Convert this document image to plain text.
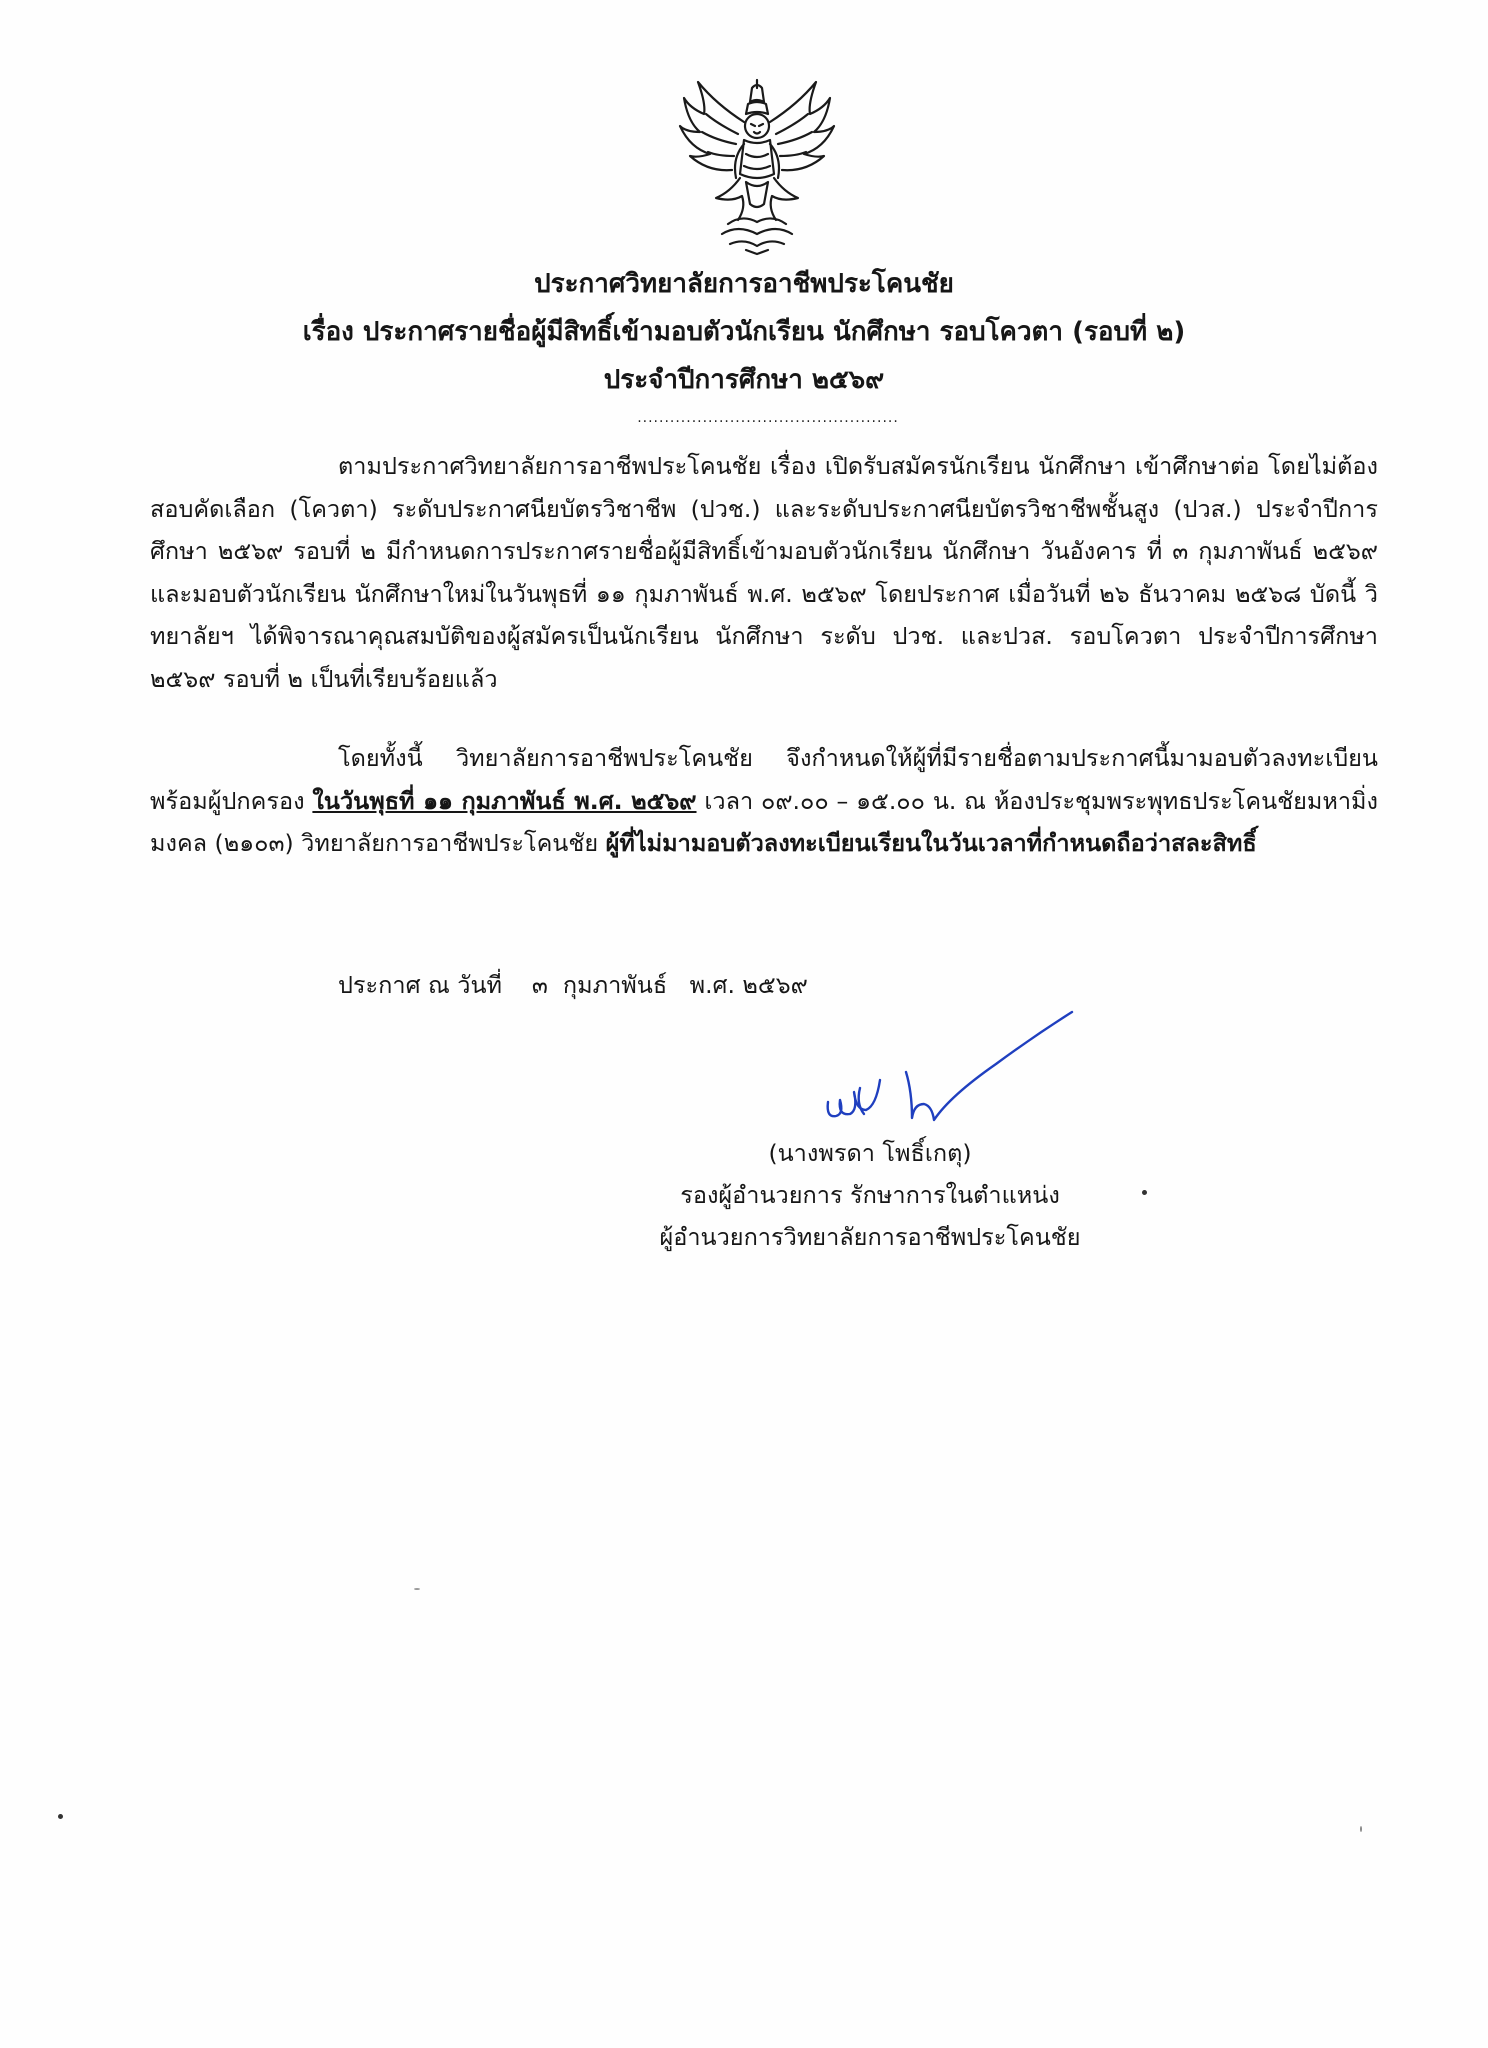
ประกาศวิทยาลัยการอาชีพประโคนชัย
เรื่อง ประกาศรายชื่อผู้มีสิทธิ์เข้ามอบตัวนักเรียน นักศึกษา รอบโควตา (รอบที่ ๒)
ประจำปีการศึกษา ๒๕๖๙
................................................
ตามประกาศวิทยาลัยการอาชีพประโคนชัย เรื่อง เปิดรับสมัครนักเรียน นักศึกษา เข้าศึกษาต่อ โดยไม่ต้องสอบคัดเลือก (โควตา) ระดับประกาศนียบัตรวิชาชีพ (ปวช.) และระดับประกาศนียบัตรวิชาชีพชั้นสูง (ปวส.) ประจำปีการศึกษา ๒๕๖๙ รอบที่ ๒ มีกำหนดการประกาศรายชื่อผู้มีสิทธิ์เข้ามอบตัวนักเรียน นักศึกษา วันอังคาร ที่ ๓ กุมภาพันธ์ ๒๕๖๙ และมอบตัวนักเรียน นักศึกษาใหม่ในวันพุธที่ ๑๑ กุมภาพันธ์ พ.ศ. ๒๕๖๙ โดยประกาศ เมื่อวันที่ ๒๖ ธันวาคม ๒๕๖๘ บัดนี้ วิทยาลัยฯ ได้พิจารณาคุณสมบัติของผู้สมัครเป็นนักเรียน นักศึกษา ระดับ ปวช. และปวส. รอบโควตา ประจำปีการศึกษา ๒๕๖๙ รอบที่ ๒ เป็นที่เรียบร้อยแล้ว
โดยทั้งนี้ วิทยาลัยการอาชีพประโคนชัย จึงกำหนดให้ผู้ที่มีรายชื่อตามประกาศนี้มามอบตัวลงทะเบียน พร้อมผู้ปกครอง ในวันพุธที่ ๑๑ กุมภาพันธ์ พ.ศ. ๒๕๖๙ เวลา ๐๙.๐๐ – ๑๕.๐๐ น. ณ ห้องประชุมพระพุทธประโคนชัยมหามิ่งมงคล (๒๑๐๓) วิทยาลัยการอาชีพประโคนชัย ผู้ที่ไม่มามอบตัวลงทะเบียนเรียนในวันเวลาที่กำหนดถือว่าสละสิทธิ์
ประกาศ ณ วันที่    ๓  กุมภาพันธ์   พ.ศ. ๒๕๖๙
(นางพรดา โพธิ์เกตุ)
รองผู้อำนวยการ รักษาการในตำแหน่ง
ผู้อำนวยการวิทยาลัยการอาชีพประโคนชัย
